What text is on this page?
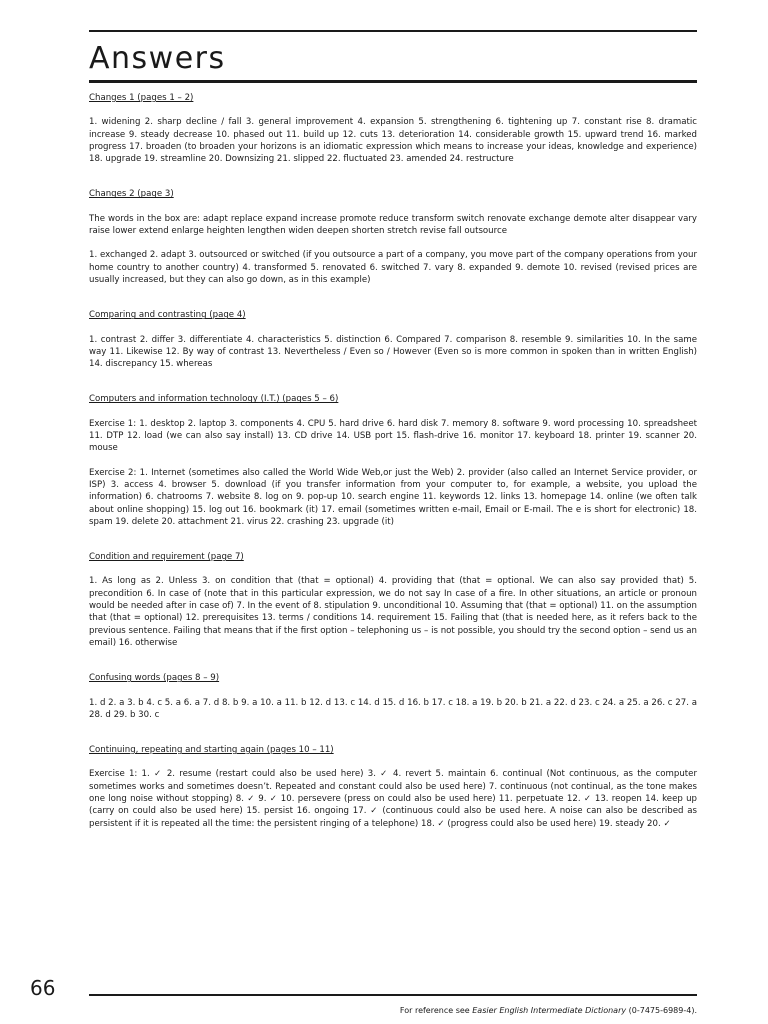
Answers
Changes 1 (pages 1 – 2)
1. widening 2. sharp decline / fall 3. general improvement 4. expansion 5. strengthening 6. tightening up 7. constant rise 8. dramatic increase 9. steady decrease 10. phased out 11. build up 12. cuts 13. deterioration 14. considerable growth 15. upward trend 16. marked progress 17. broaden (to broaden your horizons is an idiomatic expression which means to increase your ideas, knowledge and experience) 18. upgrade 19. streamline 20. Downsizing 21. slipped 22. fluctuated 23. amended 24. restructure
Changes 2 (page 3)
The words in the box are: adapt replace expand increase promote reduce transform switch renovate exchange demote alter disappear vary raise lower extend enlarge heighten lengthen widen deepen shorten stretch revise fall outsource
1. exchanged 2. adapt 3. outsourced or switched (if you outsource a part of a company, you move part of the company operations from your home country to another country) 4. transformed 5. renovated 6. switched 7. vary 8. expanded 9. demote 10. revised (revised prices are usually increased, but they can also go down, as in this example)
Comparing and contrasting (page 4)
1. contrast 2. differ 3. differentiate 4. characteristics 5. distinction 6. Compared 7. comparison 8. resemble 9. similarities 10. In the same way 11. Likewise 12. By way of contrast 13. Nevertheless / Even so / However (Even so is more common in spoken than in written English) 14. discrepancy 15. whereas
Computers and information technology (I.T.) (pages 5 – 6)
Exercise 1: 1. desktop 2. laptop 3. components 4. CPU 5. hard drive 6. hard disk 7. memory 8. software 9. word processing 10. spreadsheet 11. DTP 12. load (we can also say install) 13. CD drive 14. USB port 15. flash-drive 16. monitor 17. keyboard 18. printer 19. scanner 20. mouse
Exercise 2: 1. Internet (sometimes also called the World Wide Web,or just the Web) 2. provider (also called an Internet Service provider, or ISP) 3. access 4. browser 5. download (if you transfer information from your computer to, for example, a website, you upload the information) 6. chatrooms 7. website 8. log on 9. pop-up 10. search engine 11. keywords 12. links 13. homepage 14. online (we often talk about online shopping) 15. log out 16. bookmark (it) 17. email (sometimes written e-mail, Email or E-mail. The e is short for electronic) 18. spam 19. delete 20. attachment 21. virus 22. crashing 23. upgrade (it)
Condition and requirement (page 7)
1. As long as 2. Unless 3. on condition that (that = optional) 4. providing that (that = optional. We can also say provided that) 5. precondition 6. In case of (note that in this particular expression, we do not say In case of a fire. In other situations, an article or pronoun would be needed after in case of) 7. In the event of 8. stipulation 9. unconditional 10. Assuming that (that = optional) 11. on the assumption that (that = optional) 12. prerequisites 13. terms / conditions 14. requirement 15. Failing that (that is needed here, as it refers back to the previous sentence. Failing that means that if the first option – telephoning us – is not possible, you should try the second option – send us an email) 16. otherwise
Confusing words (pages 8 – 9)
1. d 2. a 3. b 4. c 5. a 6. a 7. d 8. b 9. a 10. a 11. b 12. d 13. c 14. d 15. d 16. b 17. c 18. a 19. b 20. b 21. a 22. d 23. c 24. a 25. a 26. c 27. a 28. d 29. b 30. c
Continuing, repeating and starting again (pages 10 – 11)
Exercise 1: 1. ✓ 2. resume (restart could also be used here) 3. ✓ 4. revert 5. maintain 6. continual (Not continuous, as the computer sometimes works and sometimes doesn’t. Repeated and constant could also be used here) 7. continuous (not continual, as the tone makes one long noise without stopping) 8. ✓ 9. ✓ 10. persevere (press on could also be used here) 11. perpetuate 12. ✓ 13. reopen 14. keep up (carry on could also be used here) 15. persist 16. ongoing 17. ✓ (continuous could also be used here. A noise can also be described as persistent if it is repeated all the time: the persistent ringing of a telephone) 18. ✓ (progress could also be used here) 19. steady 20. ✓
66
For reference see Easier English Intermediate Dictionary (0-7475-6989-4).
